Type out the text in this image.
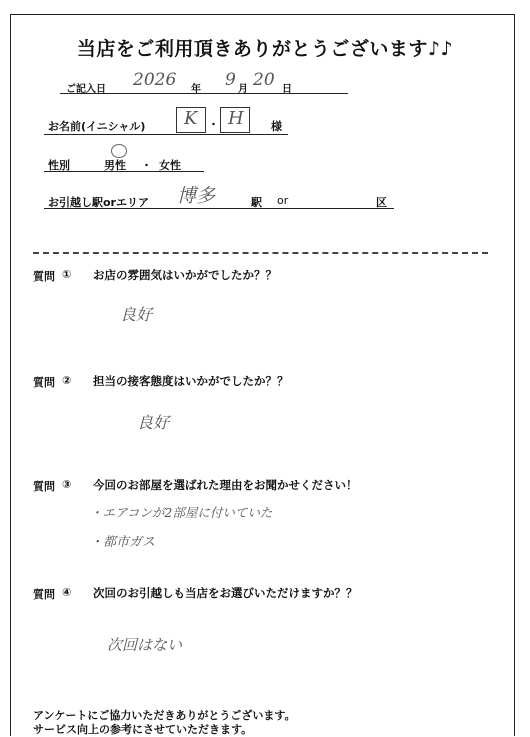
当店をご利用頂きありがとうございます♪♪
ご記入日 2026 年 9 月 20 日
お名前(イニシャル) K ・ H 様
性別	男性 ・ 女性
お引越し駅orエリア 博多	駅 or	区
質問 ① お店の雰囲気はいかがでしたか？？
良好
質問 ② 担当の接客態度はいかがでしたか？？
良好
質問 ③ 今回のお部屋を選ばれた理由をお聞かせください！
・エアコンが2部屋に付いていた
・都市ガス
質問 ④ 次回のお引越しも当店をお選びいただけますか？？
次回はない
アンケートにご協力いただきありがとうございます。
サービス向上の参考にさせていただきます。
